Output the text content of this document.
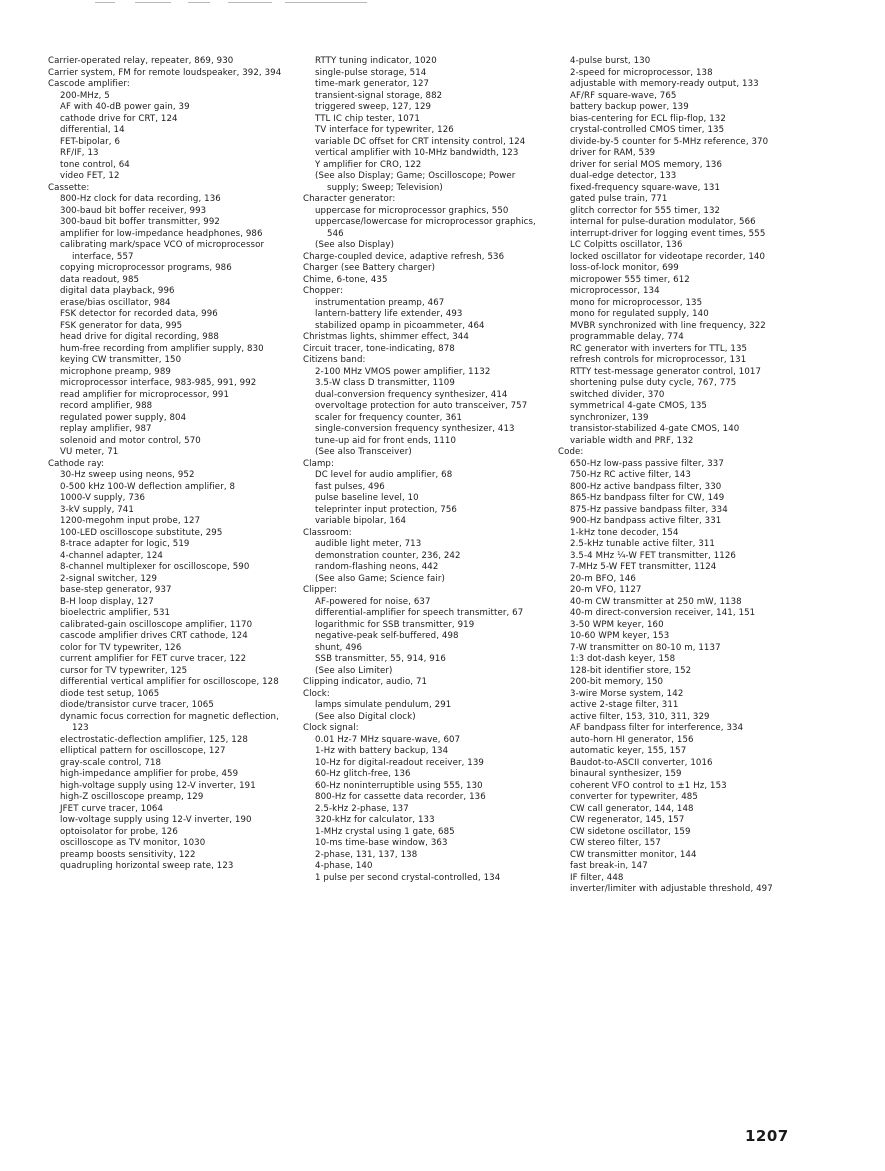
Carrier-operated relay, repeater, 869, 930
Carrier system, FM for remote loudspeaker, 392, 394
Cascode amplifier:
200-MHz, 5
AF with 40-dB power gain, 39
cathode drive for CRT, 124
differential, 14
FET-bipolar, 6
RF/IF, 13
tone control, 64
video FET, 12
Cassette:
800-Hz clock for data recording, 136
300-baud bit boffer receiver, 993
300-baud bit boffer transmitter, 992
amplifier for low-impedance headphones, 986
calibrating mark/space VCO of microprocessor interface, 557
copying microprocessor programs, 986
data readout, 985
digital data playback, 996
erase/bias oscillator, 984
FSK detector for recorded data, 996
FSK generator for data, 995
head drive for digital recording, 988
hum-free recording from amplifier supply, 830
keying CW transmitter, 150
microphone preamp, 989
microprocessor interface, 983-985, 991, 992
read amplifier for microprocessor, 991
record amplifier, 988
regulated power supply, 804
replay amplifier, 987
solenoid and motor control, 570
VU meter, 71
Cathode ray:
30-Hz sweep using neons, 952
0-500 kHz 100-W deflection amplifier, 8
1000-V supply, 736
3-kV supply, 741
1200-megohm input probe, 127
100-LED oscilloscope substitute, 295
8-trace adapter for logic, 519
4-channel adapter, 124
8-channel multiplexer for oscilloscope, 590
2-signal switcher, 129
base-step generator, 937
B-H loop display, 127
bioelectric amplifier, 531
calibrated-gain oscilloscope amplifier, 1170
cascode amplifier drives CRT cathode, 124
color for TV typewriter, 126
current amplifier for FET curve tracer, 122
cursor for TV typewriter, 125
differential vertical amplifier for oscilloscope, 128
diode test setup, 1065
diode/transistor curve tracer, 1065
dynamic focus correction for magnetic deflection, 123
electrostatic-deflection amplifier, 125, 128
elliptical pattern for oscilloscope, 127
gray-scale control, 718
high-impedance amplifier for probe, 459
high-voltage supply using 12-V inverter, 191
high-Z oscilloscope preamp, 129
JFET curve tracer, 1064
low-voltage supply using 12-V inverter, 190
optoisolator for probe, 126
oscilloscope as TV monitor, 1030
preamp boosts sensitivity, 122
quadrupling horizontal sweep rate, 123
RTTY tuning indicator, 1020
single-pulse storage, 514
time-mark generator, 127
transient-signal storage, 882
triggered sweep, 127, 129
TTL IC chip tester, 1071
TV interface for typewriter, 126
variable DC offset for CRT intensity control, 124
vertical amplifier with 10-MHz bandwidth, 123
Y amplifier for CRO, 122
(See also Display; Game; Oscilloscope; Power supply; Sweep; Television)
Character generator:
uppercase for microprocessor graphics, 550
uppercase/lowercase for microprocessor graphics, 546
(See also Display)
Charge-coupled device, adaptive refresh, 536
Charger (see Battery charger)
Chime, 6-tone, 435
Chopper:
instrumentation preamp, 467
lantern-battery life extender, 493
stabilized opamp in picoammeter, 464
Christmas lights, shimmer effect, 344
Circuit tracer, tone-indicating, 878
Citizens band:
2-100 MHz VMOS power amplifier, 1132
3.5-W class D transmitter, 1109
dual-conversion frequency synthesizer, 414
overvoltage protection for auto transceiver, 757
scaler for frequency counter, 361
single-conversion frequency synthesizer, 413
tune-up aid for front ends, 1110
(See also Transceiver)
Clamp:
DC level for audio amplifier, 68
fast pulses, 496
pulse baseline level, 10
teleprinter input protection, 756
variable bipolar, 164
Classroom:
audible light meter, 713
demonstration counter, 236, 242
random-flashing neons, 442
(See also Game; Science fair)
Clipper:
AF-powered for noise, 637
differential-amplifier for speech transmitter, 67
logarithmic for SSB transmitter, 919
negative-peak self-buffered, 498
shunt, 496
SSB transmitter, 55, 914, 916
(See also Limiter)
Clipping indicator, audio, 71
Clock:
lamps simulate pendulum, 291
(See also Digital clock)
Clock signal:
0.01 Hz-7 MHz square-wave, 607
1-Hz with battery backup, 134
10-Hz for digital-readout receiver, 139
60-Hz glitch-free, 136
60-Hz noninterruptible using 555, 130
800-Hz for cassette data recorder, 136
2.5-kHz 2-phase, 137
320-kHz for calculator, 133
1-MHz crystal using 1 gate, 685
10-ms time-base window, 363
2-phase, 131, 137, 138
4-phase, 140
1 pulse per second crystal-controlled, 134
4-pulse burst, 130
2-speed for microprocessor, 138
adjustable with memory-ready output, 133
AF/RF square-wave, 765
battery backup power, 139
bias-centering for ECL flip-flop, 132
crystal-controlled CMOS timer, 135
divide-by-5 counter for 5-MHz reference, 370
driver for RAM, 539
driver for serial MOS memory, 136
dual-edge detector, 133
fixed-frequency square-wave, 131
gated pulse train, 771
glitch corrector for 555 timer, 132
internal for pulse-duration modulator, 566
interrupt-driver for logging event times, 555
LC Colpitts oscillator, 136
locked oscillator for videotape recorder, 140
loss-of-lock monitor, 699
micropower 555 timer, 612
microprocessor, 134
mono for microprocessor, 135
mono for regulated supply, 140
MVBR synchronized with line frequency, 322
programmable delay, 774
RC generator with inverters for TTL, 135
refresh controls for microprocessor, 131
RTTY test-message generator control, 1017
shortening pulse duty cycle, 767, 775
switched divider, 370
symmetrical 4-gate CMOS, 135
synchronizer, 139
transistor-stabilized 4-gate CMOS, 140
variable width and PRF, 132
Code:
650-Hz low-pass passive filter, 337
750-Hz RC active filter, 143
800-Hz active bandpass filter, 330
865-Hz bandpass filter for CW, 149
875-Hz passive bandpass filter, 334
900-Hz bandpass active filter, 331
1-kHz tone decoder, 154
2.5-kHz tunable active filter, 311
3.5-4 MHz ¼-W FET transmitter, 1126
7-MHz 5-W FET transmitter, 1124
20-m BFO, 146
20-m VFO, 1127
40-m CW transmitter at 250 mW, 1138
40-m direct-conversion receiver, 141, 151
3-50 WPM keyer, 160
10-60 WPM keyer, 153
7-W transmitter on 80-10 m, 1137
1:3 dot-dash keyer, 158
128-bit identifier store, 152
200-bit memory, 150
3-wire Morse system, 142
active 2-stage filter, 311
active filter, 153, 310, 311, 329
AF bandpass filter for interference, 334
auto-horn HI generator, 156
automatic keyer, 155, 157
Baudot-to-ASCII converter, 1016
binaural synthesizer, 159
coherent VFO control to ±1 Hz, 153
converter for typewriter, 485
CW call generator, 144, 148
CW regenerator, 145, 157
CW sidetone oscillator, 159
CW stereo filter, 157
CW transmitter monitor, 144
fast break-in, 147
IF filter, 448
inverter/limiter with adjustable threshold, 497
1207
